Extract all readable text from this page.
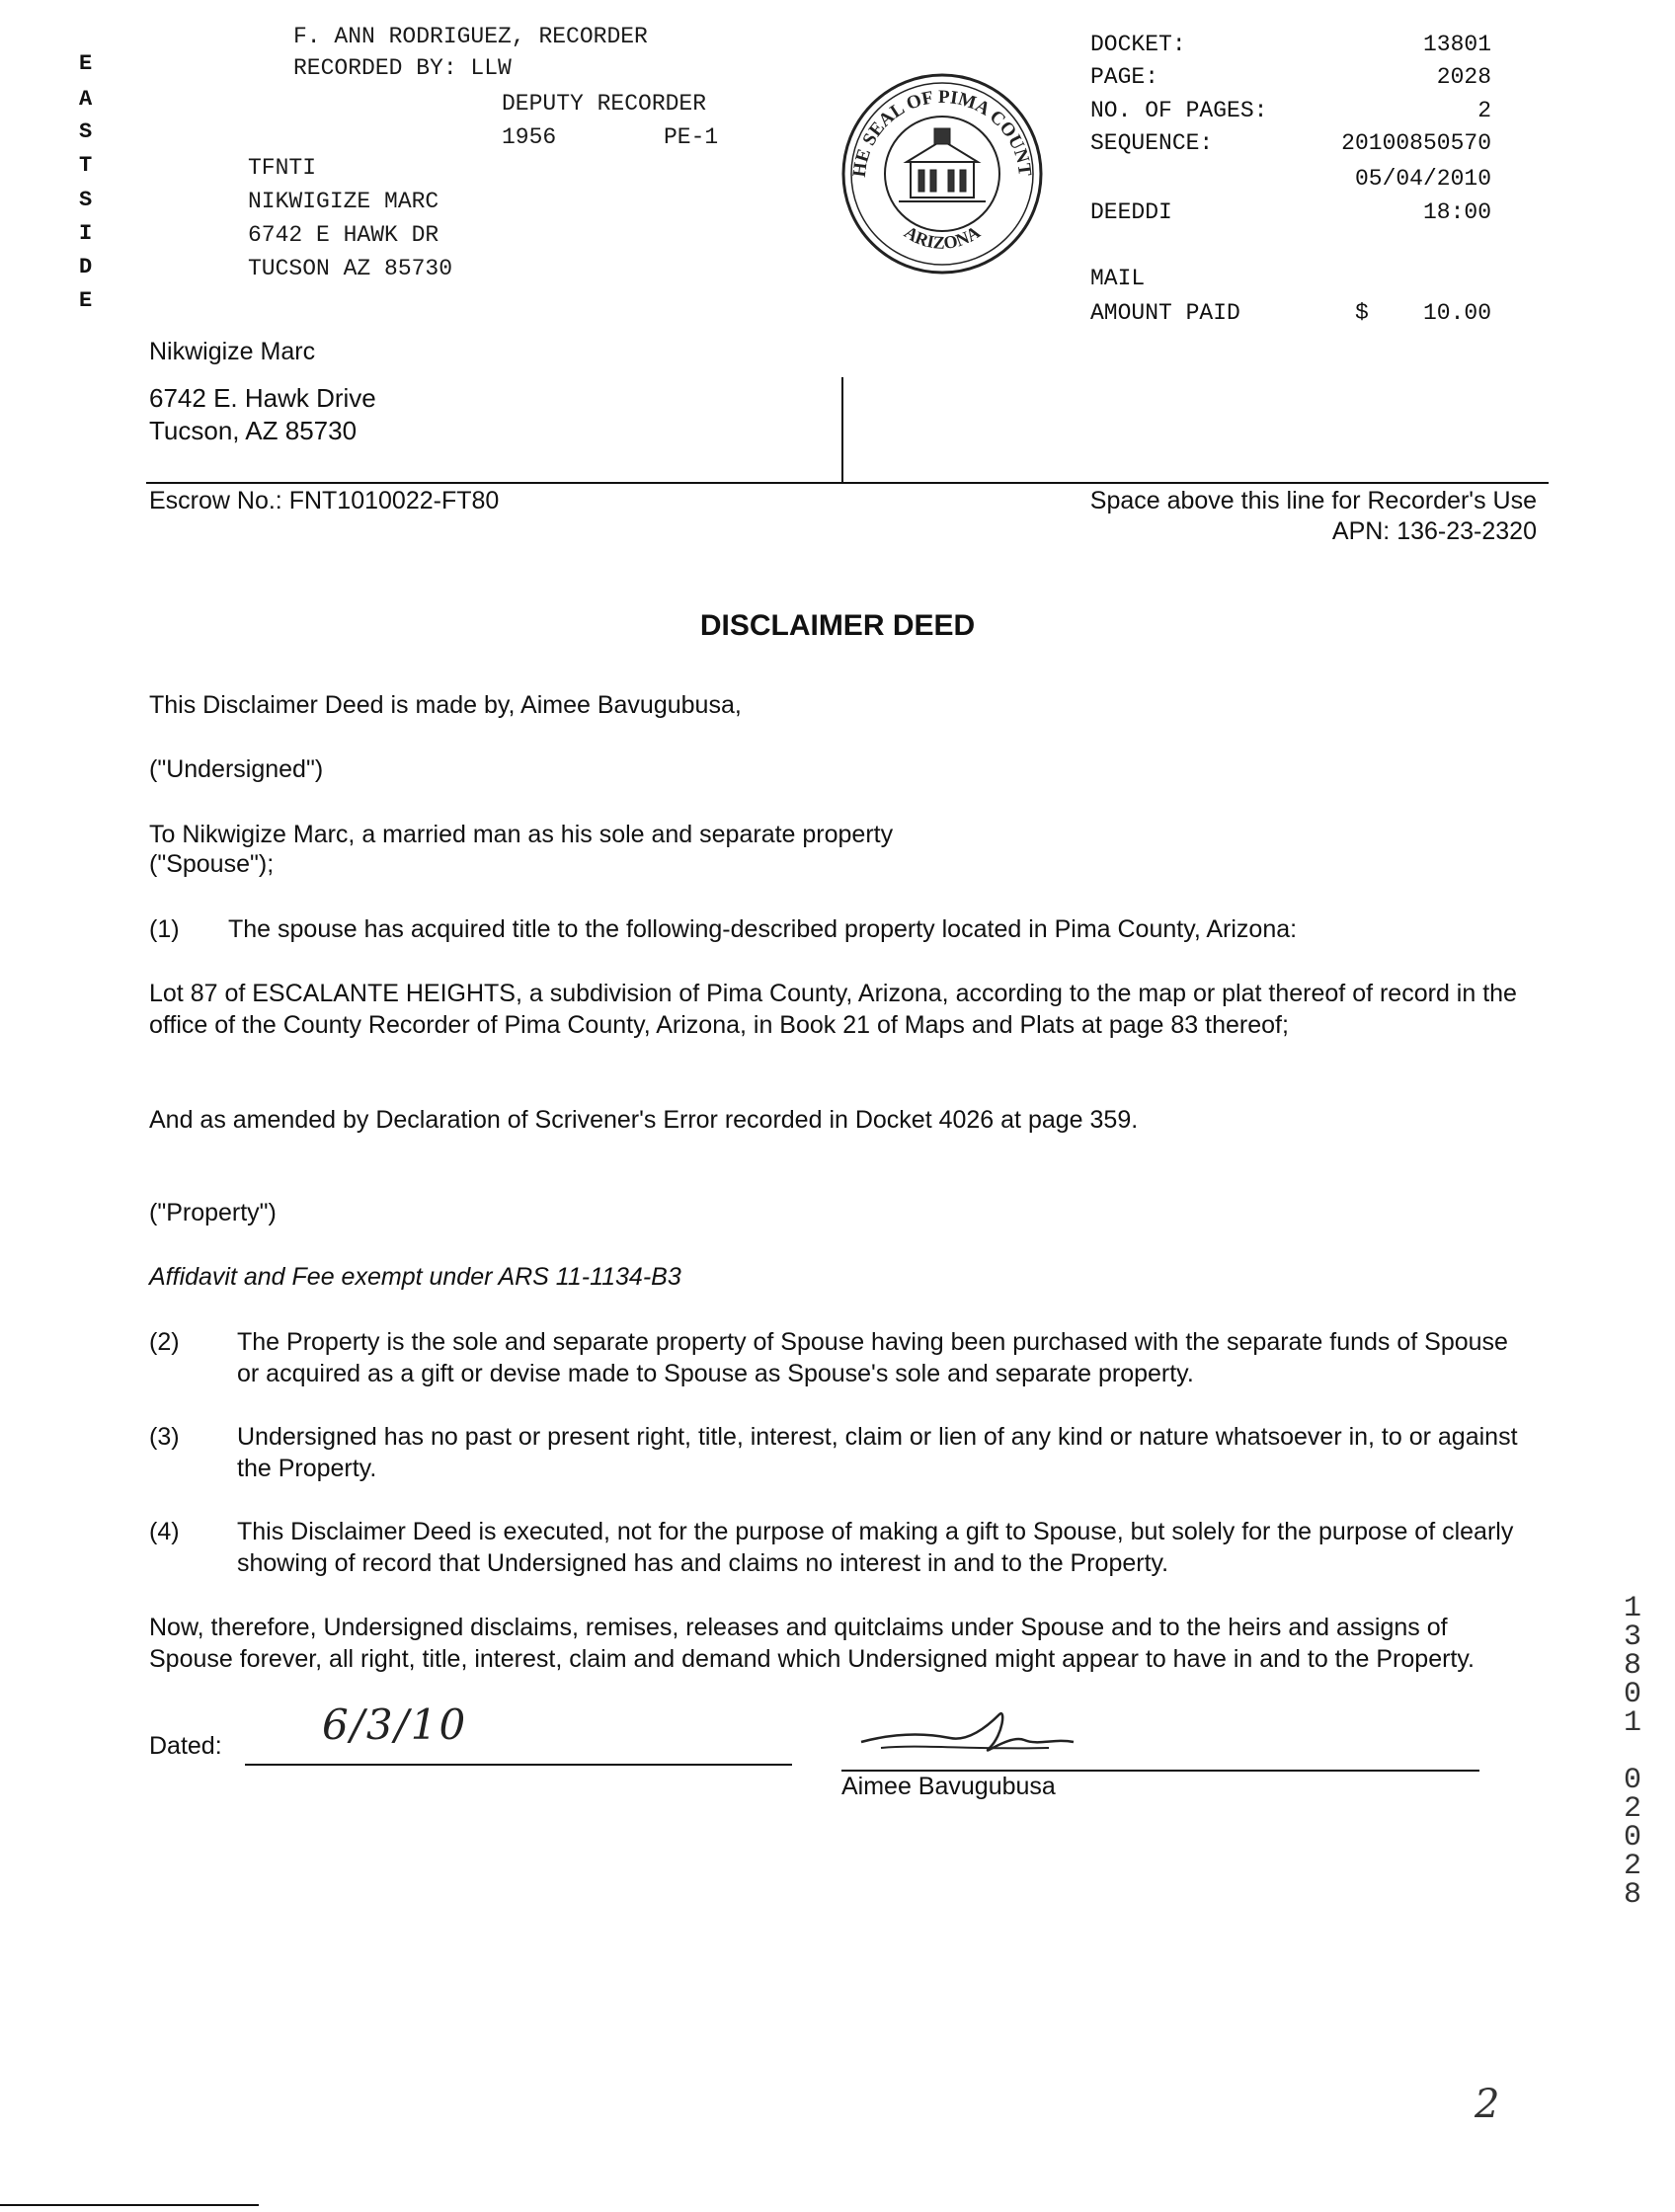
E
A
S
T
S
I
D
E
F. ANN RODRIGUEZ, RECORDER
RECORDED BY: LLW
DEPUTY RECORDER
1956	PE-1
TFNTI
NIKWIGIZE MARC
6742 E HAWK DR
TUCSON AZ 85730
HE SEAL OF PIMA COUNT
ARIZONA
DOCKET:	13801
PAGE:	2028
NO. OF PAGES:	2
SEQUENCE:	20100850570
05/04/2010
DEEDDI	18:00
MAIL
AMOUNT PAID	$    10.00
Nikwigize Marc
6742 E. Hawk Drive
Tucson, AZ 85730
Escrow No.: FNT1010022-FT80	Space above this line for Recorder's Use
APN: 136-23-2320
DISCLAIMER DEED
This Disclaimer Deed is made by, Aimee Bavugubusa,
("Undersigned")
To Nikwigize Marc, a married man as his sole and separate property
("Spouse");
(1) The spouse has acquired title to the following-described property located in Pima County, Arizona:
Lot 87 of ESCALANTE HEIGHTS, a subdivision of Pima County, Arizona, according to the map or plat thereof of record in the office of the County Recorder of Pima County, Arizona, in Book 21 of Maps and Plats at page 83 thereof;
And as amended by Declaration of Scrivener's Error recorded in Docket 4026 at page 359.
("Property")
Affidavit and Fee exempt under ARS 11-1134-B3
(2) The Property is the sole and separate property of Spouse having been purchased with the separate funds of Spouse or acquired as a gift or devise made to Spouse as Spouse's sole and separate property.
(3) Undersigned has no past or present right, title, interest, claim or lien of any kind or nature whatsoever in, to or against the Property.
(4) This Disclaimer Deed is executed, not for the purpose of making a gift to Spouse, but solely for the purpose of clearly showing of record that Undersigned has and claims no interest in and to the Property.
Now, therefore, Undersigned disclaims, remises, releases and quitclaims under Spouse and to the heirs and assigns of Spouse forever, all right, title, interest, claim and demand which Undersigned might appear to have in and to the Property.
Dated: 6/3/10
Aimee Bavugubusa
1
3
8
0
1
0
2
0
2
8
2
